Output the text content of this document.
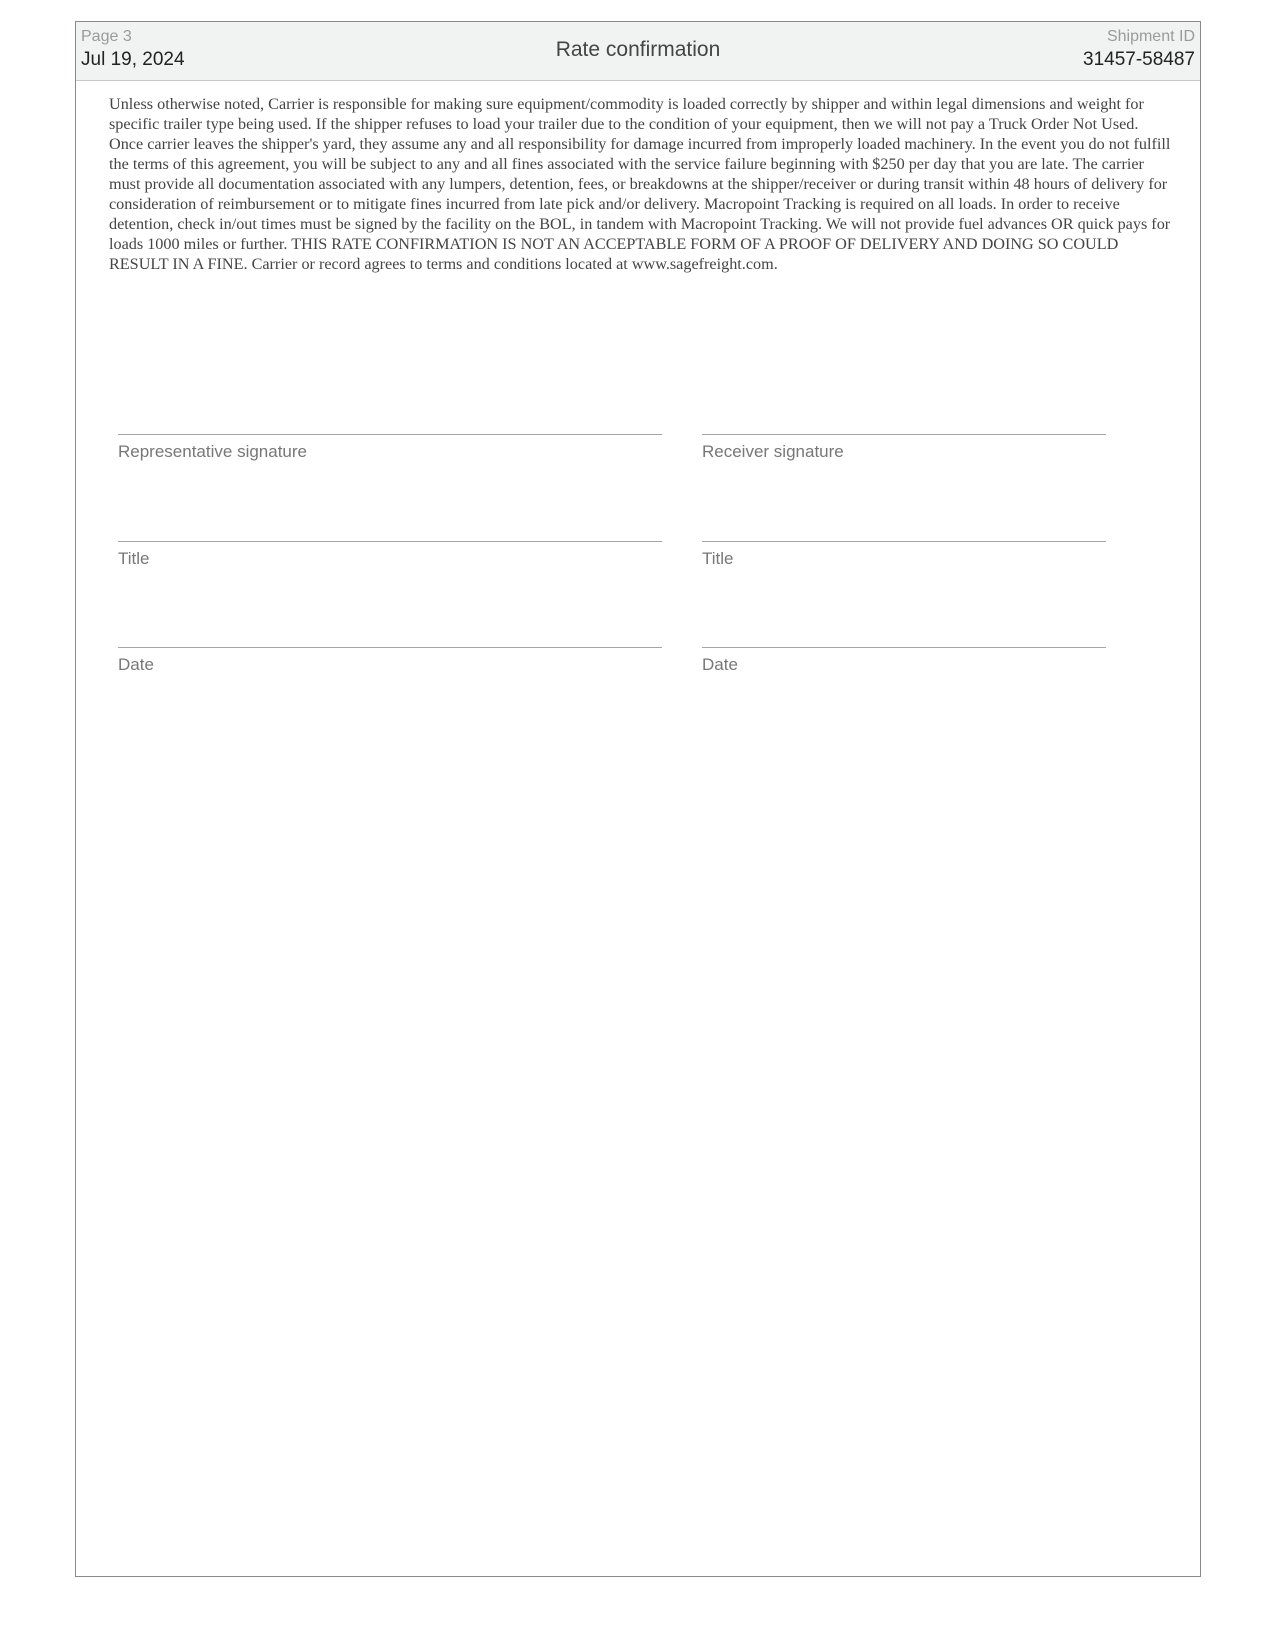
Page 3
Jul 19, 2024	Rate confirmation
Shipment ID
31457-58487
Unless otherwise noted, Carrier is responsible for making sure equipment/commodity is loaded correctly by shipper and within legal dimensions and weight for specific trailer type being used. If the shipper refuses to load your trailer due to the condition of your equipment, then we will not pay a Truck Order Not Used. Once carrier leaves the shipper's yard, they assume any and all responsibility for damage incurred from improperly loaded machinery. In the event you do not fulfill the terms of this agreement, you will be subject to any and all fines associated with the service failure beginning with $250 per day that you are late. The carrier must provide all documentation associated with any lumpers, detention, fees, or breakdowns at the shipper/receiver or during transit within 48 hours of delivery for consideration of reimbursement or to mitigate fines incurred from late pick and/or delivery. Macropoint Tracking is required on all loads. In order to receive detention, check in/out times must be signed by the facility on the BOL, in tandem with Macropoint Tracking. We will not provide fuel advances OR quick pays for loads 1000 miles or further. THIS RATE CONFIRMATION IS NOT AN ACCEPTABLE FORM OF A PROOF OF DELIVERY AND DOING SO COULD RESULT IN A FINE. Carrier or record agrees to terms and conditions located at www.sagefreight.com.
Representative signature
Title
Date
Receiver signature
Title
Date
